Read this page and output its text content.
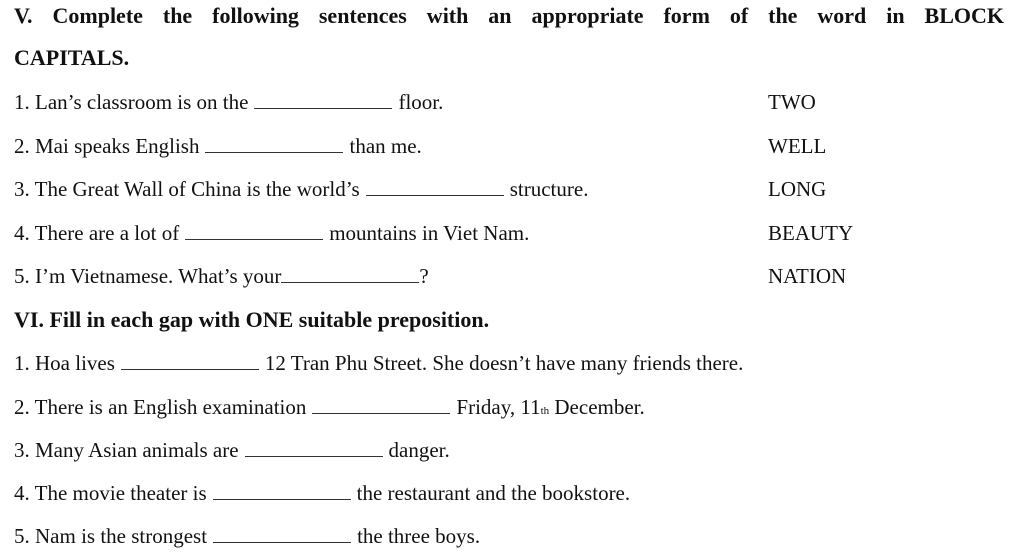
V. Complete the following sentences with an appropriate form of the word in BLOCK
CAPITALS.
1. Lan’s classroom is on the	floor.	TWO
2. Mai speaks English	than me.	WELL
3. The Great Wall of China is the world’s	structure.	LONG
4. There are a lot of	mountains in Viet Nam.	BEAUTY
5. I’m Vietnamese. What’s your	?	NATION
VI. Fill in each gap with ONE suitable preposition.
1. Hoa lives	12 Tran Phu Street. She doesn’t have many friends there.
2. There is an English examination	Friday, 11 th December.
3. Many Asian animals are	danger.
4. The movie theater is	the restaurant and the bookstore.
5. Nam is the strongest	the three boys.
